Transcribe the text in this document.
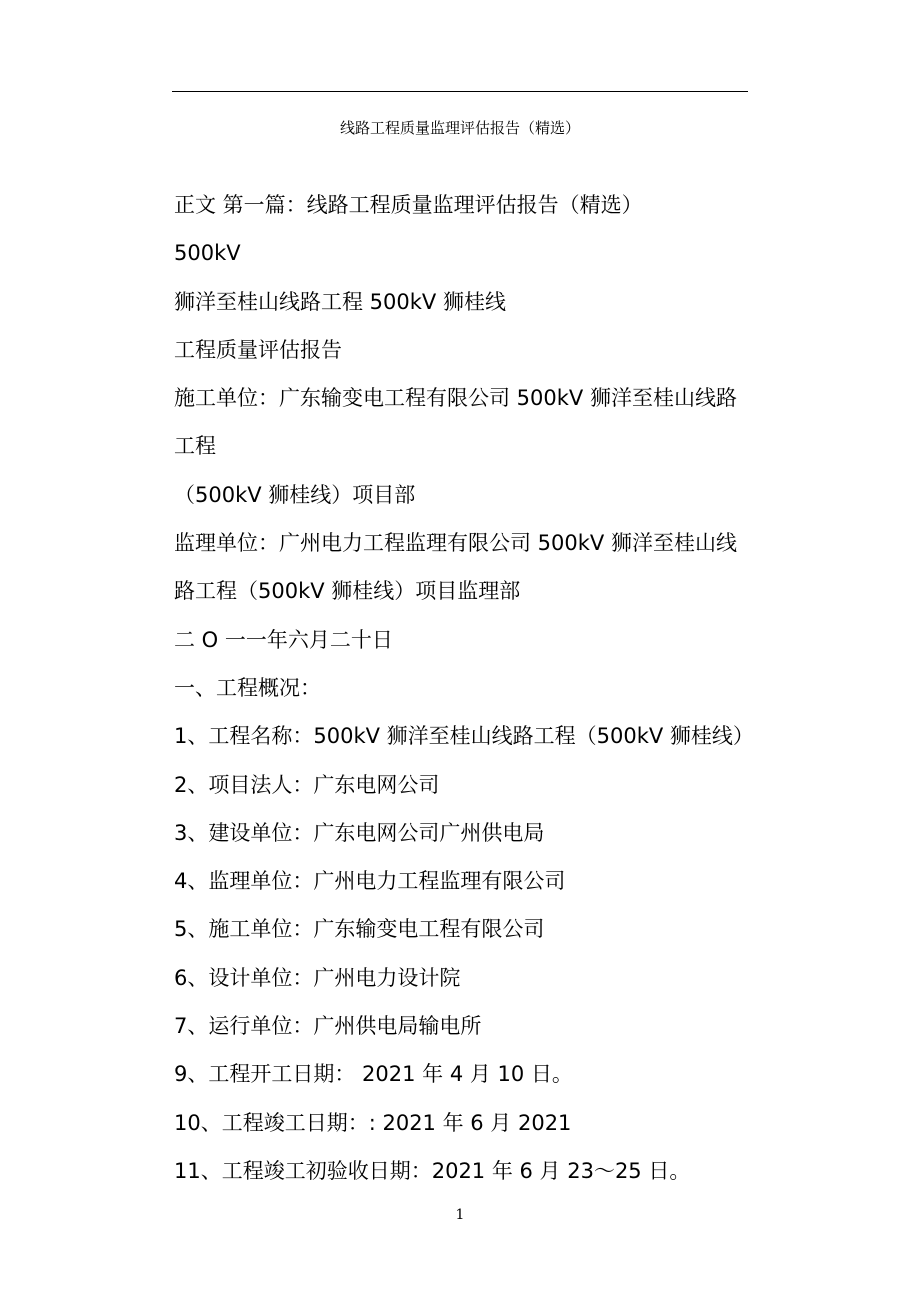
线路工程质量监理评估报告（精选）
正文 第一篇：线路工程质量监理评估报告（精选）
500kV
狮洋至桂山线路工程 500kV 狮桂线
工程质量评估报告
施工单位：广东输变电工程有限公司 500kV 狮洋至桂山线路
工程
（500kV 狮桂线）项目部
监理单位：广州电力工程监理有限公司 500kV 狮洋至桂山线
路工程（500kV 狮桂线）项目监理部
二 O 一一年六月二十日
一、工程概况：
1、工程名称：500kV 狮洋至桂山线路工程（500kV 狮桂线）
2、项目法人：广东电网公司
3、建设单位：广东电网公司广州供电局
4、监理单位：广州电力工程监理有限公司
5、施工单位：广东输变电工程有限公司
6、设计单位：广州电力设计院
7、运行单位：广州供电局输电所
9、工程开工日期： 2021 年 4 月 10 日。
10、工程竣工日期：: 2021 年 6 月 2021
11、工程竣工初验收日期：2021 年 6 月 23～25 日。
1
